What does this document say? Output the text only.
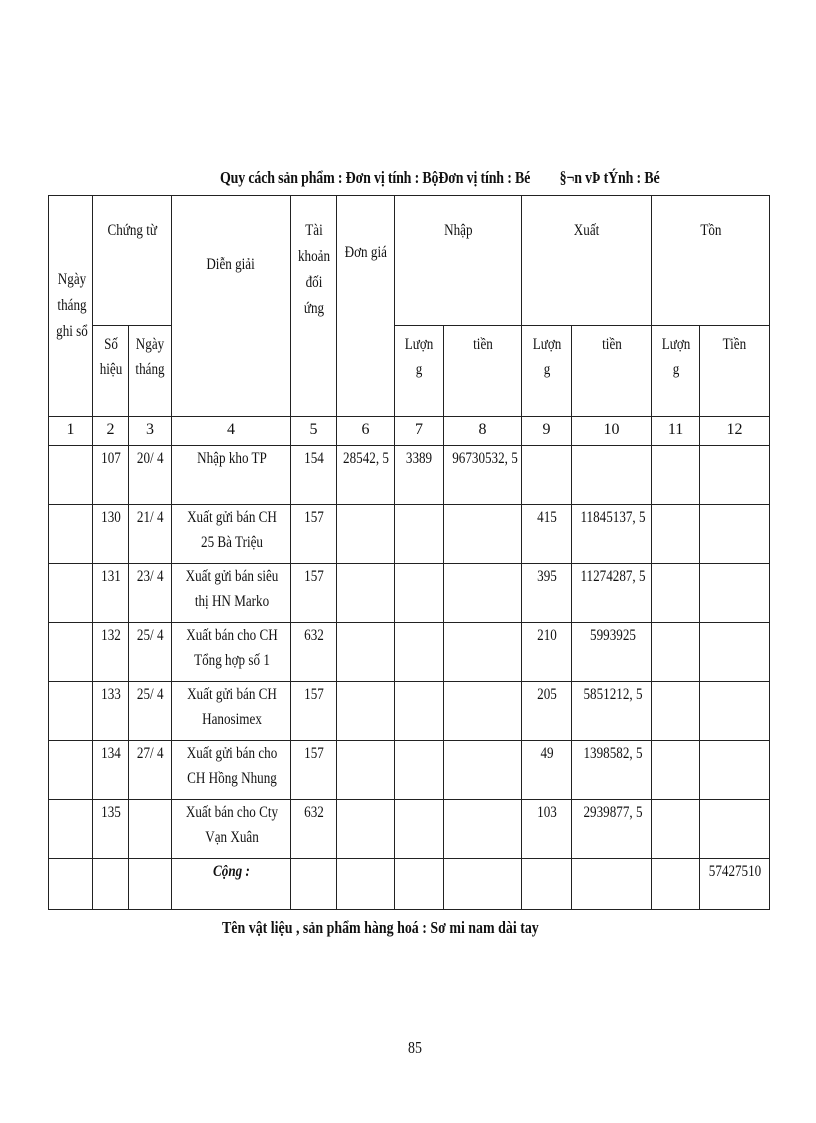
Quy cách sản phẩm : Đơn vị tính : BộĐơn vị tính : Bé §¬n vÞ tÝnh : Bé
Ngày tháng ghi sổ	Chứng từ		Diễn giải	Tài khoản đối ứng	Đơn giá	Nhập		Xuất		Tồn	
	Số hiệu	Ngày tháng				Lượng	tiền	Lượng	tiền	Lượng	Tiền
1	2	3	4	5	6	7	8	9	10	11	12
	107	20/ 4	Nhập kho TP	154	28542, 5	3389	96730532, 5				
	130	21/ 4	Xuất gửi bán CH 25 Bà Triệu	157				415	11845137, 5		
	131	23/ 4	Xuất gửi bán siêu thị HN Marko	157				395	11274287, 5		
	132	25/ 4	Xuất bán cho CH Tổng hợp số 1	632				210	5993925		
	133	25/ 4	Xuất gửi bán CH Hanosimex	157				205	5851212, 5		
	134	27/ 4	Xuất gửi bán cho CH Hồng Nhung	157				49	1398582, 5		
	135		Xuất bán cho Cty Vạn Xuân	632				103	2939877, 5		
			Cộng :								57427510
Tên vật liệu , sản phẩm hàng hoá : Sơ mi nam dài tay
85
